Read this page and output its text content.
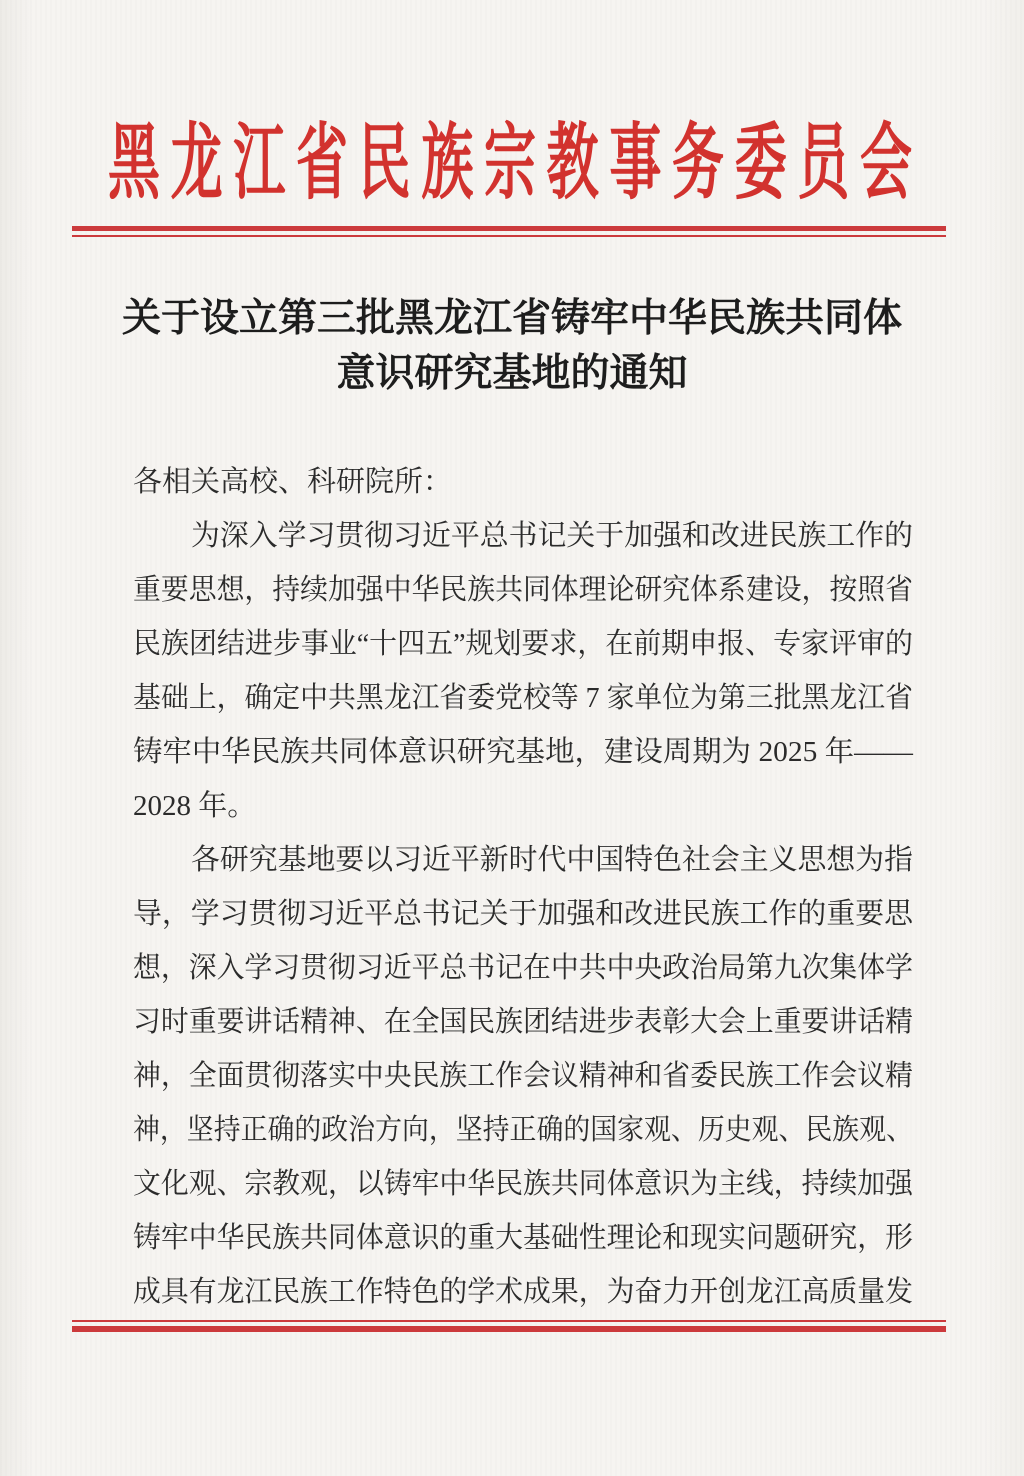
黑龙江省民族宗教事务委员会
关于设立第三批黑龙江省铸牢中华民族共同体
意识研究基地的通知
各相关高校、科研院所：
为深入学习贯彻习近平总书记关于加强和改进民族工作的
重要思想，持续加强中华民族共同体理论研究体系建设，按照省
民族团结进步事业“十四五”规划要求，在前期申报、专家评审的
基础上，确定中共黑龙江省委党校等 7 家单位为第三批黑龙江省
铸牢中华民族共同体意识研究基地，建设周期为 2025 年——
2028 年。
各研究基地要以习近平新时代中国特色社会主义思想为指
导，学习贯彻习近平总书记关于加强和改进民族工作的重要思
想，深入学习贯彻习近平总书记在中共中央政治局第九次集体学
习时重要讲话精神、在全国民族团结进步表彰大会上重要讲话精
神，全面贯彻落实中央民族工作会议精神和省委民族工作会议精
神，坚持正确的政治方向，坚持正确的国家观、历史观、民族观、
文化观、宗教观，以铸牢中华民族共同体意识为主线，持续加强
铸牢中华民族共同体意识的重大基础性理论和现实问题研究，形
成具有龙江民族工作特色的学术成果，为奋力开创龙江高质量发
